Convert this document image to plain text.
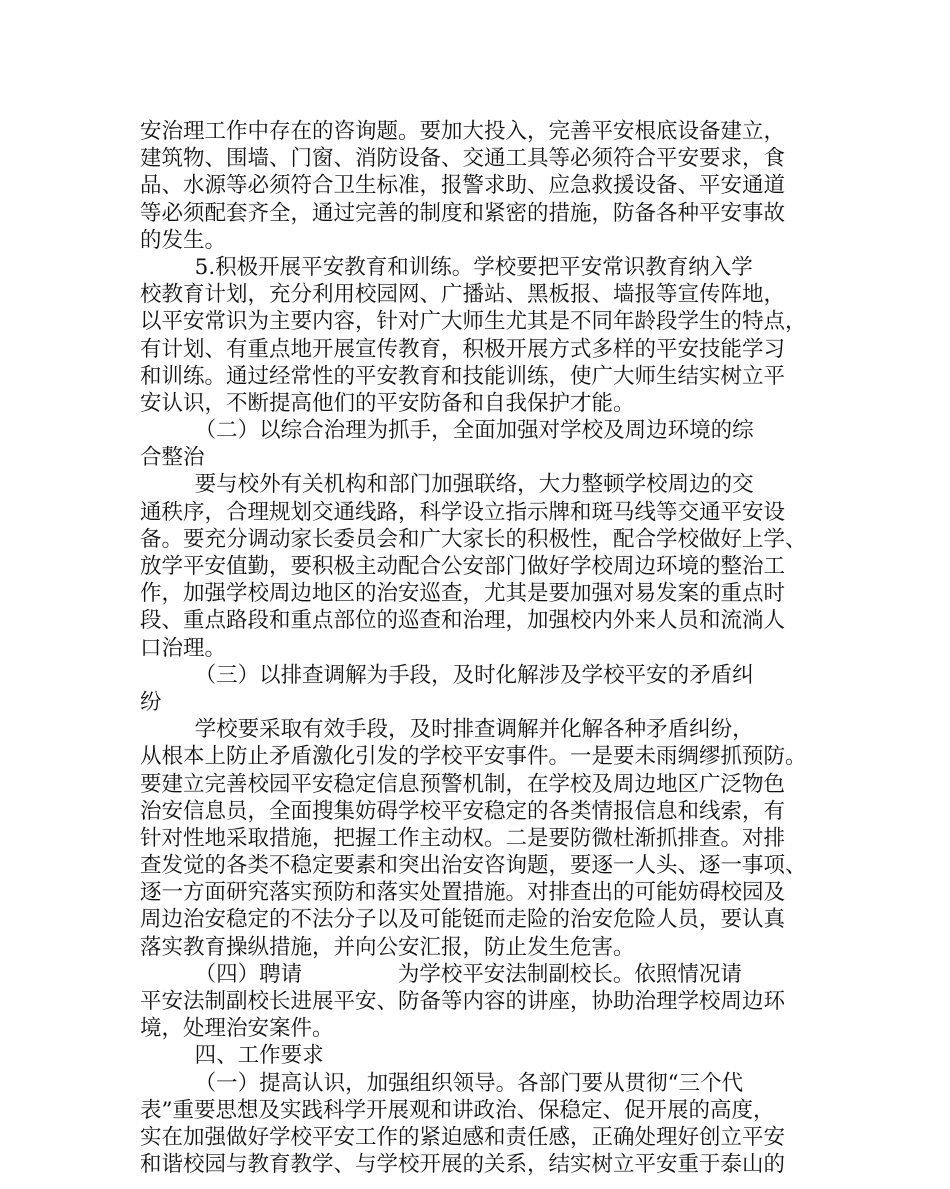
安治理工作中存在的咨询题。要加大投入，完善平安根底设备建立，
建筑物、围墙、门窗、消防设备、交通工具等必须符合平安要求，食
品、水源等必须符合卫生标准，报警求助、应急救援设备、平安通道
等必须配套齐全，通过完善的制度和紧密的措施，防备各种平安事故
的发生。
5.积极开展平安教育和训练。学校要把平安常识教育纳入学
校教育计划，充分利用校园网、广播站、黑板报、墙报等宣传阵地，
以平安常识为主要内容，针对广大师生尤其是不同年龄段学生的特点，
有计划、有重点地开展宣传教育，积极开展方式多样的平安技能学习
和训练。通过经常性的平安教育和技能训练，使广大师生结实树立平
安认识，不断提高他们的平安防备和自我保护才能。
（二）以综合治理为抓手，全面加强对学校及周边环境的综
合整治
要与校外有关机构和部门加强联络，大力整顿学校周边的交
通秩序，合理规划交通线路，科学设立指示牌和斑马线等交通平安设
备。要充分调动家长委员会和广大家长的积极性，配合学校做好上学、
放学平安值勤，要积极主动配合公安部门做好学校周边环境的整治工
作，加强学校周边地区的治安巡查，尤其是要加强对易发案的重点时
段、重点路段和重点部位的巡查和治理，加强校内外来人员和流淌人
口治理。
（三）以排查调解为手段，及时化解涉及学校平安的矛盾纠
纷
学校要采取有效手段，及时排查调解并化解各种矛盾纠纷，
从根本上防止矛盾激化引发的学校平安事件。一是要未雨绸缪抓预防。
要建立完善校园平安稳定信息预警机制，在学校及周边地区广泛物色
治安信息员，全面搜集妨碍学校平安稳定的各类情报信息和线索，有
针对性地采取措施，把握工作主动权。二是要防微杜渐抓排查。对排
查发觉的各类不稳定要素和突出治安咨询题，要逐一人头、逐一事项、
逐一方面研究落实预防和落实处置措施。对排查出的可能妨碍校园及
周边治安稳定的不法分子以及可能铤而走险的治安危险人员，要认真
落实教育操纵措施，并向公安汇报，防止发生危害。
（四）聘请              为学校平安法制副校长。依照情况请
平安法制副校长进展平安、防备等内容的讲座，协助治理学校周边环
境，处理治安案件。
四、工作要求
（一）提高认识，加强组织领导。各部门要从贯彻“三个代
表”重要思想及实践科学开展观和讲政治、保稳定、促开展的高度，
实在加强做好学校平安工作的紧迫感和责任感，正确处理好创立平安
和谐校园与教育教学、与学校开展的关系，结实树立平安重于泰山的
